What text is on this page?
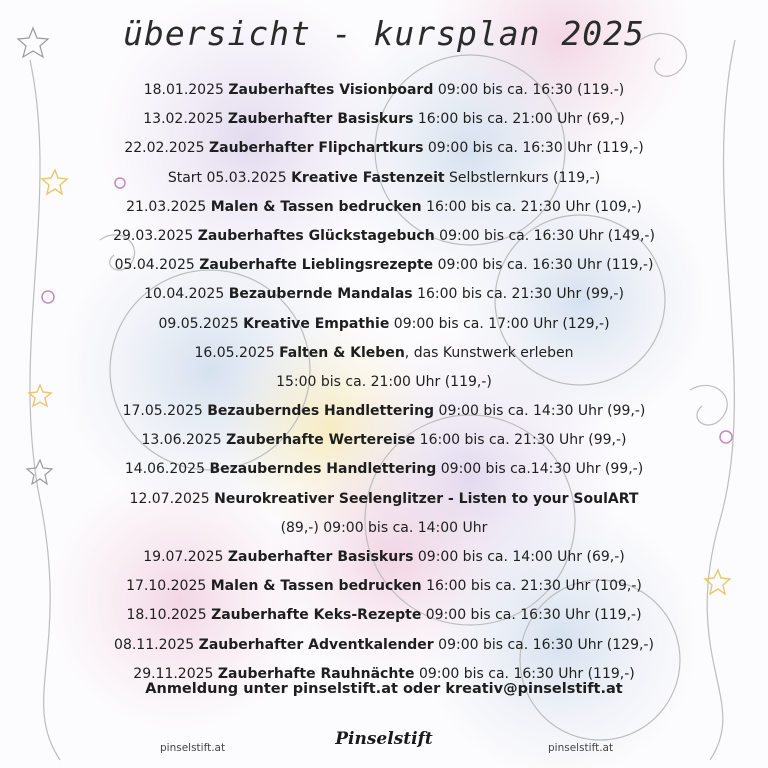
übersicht - kursplan 2025
18.01.2025 Zauberhaftes Visionboard 09:00 bis ca. 16:30 (119.-)
13.02.2025 Zauberhafter Basiskurs 16:00 bis ca. 21:00 Uhr (69,-)
22.02.2025 Zauberhafter Flipchartkurs 09:00 bis ca. 16:30 Uhr (119,-)
Start 05.03.2025 Kreative Fastenzeit Selbstlernkurs (119,-)
21.03.2025 Malen & Tassen bedrucken 16:00 bis ca. 21:30 Uhr (109,-)
29.03.2025 Zauberhaftes Glückstagebuch 09:00 bis ca. 16:30 Uhr (149,-)
05.04.2025 Zauberhafte Lieblingsrezepte 09:00 bis ca. 16:30 Uhr (119,-)
10.04.2025 Bezaubernde Mandalas 16:00 bis ca. 21:30 Uhr (99,-)
09.05.2025 Kreative Empathie 09:00 bis ca. 17:00 Uhr (129,-)
16.05.2025 Falten & Kleben, das Kunstwerk erleben
15:00 bis ca. 21:00 Uhr (119,-)
17.05.2025 Bezauberndes Handlettering 09:00 bis ca. 14:30 Uhr (99,-)
13.06.2025 Zauberhafte Wertereise 16:00 bis ca. 21:30 Uhr (99,-)
14.06.2025 Bezauberndes Handlettering 09:00 bis ca.14:30 Uhr (99,-)
12.07.2025 Neurokreativer Seelenglitzer - Listen to your SoulART
(89,-) 09:00 bis ca. 14:00 Uhr
19.07.2025 Zauberhafter Basiskurs 09:00 bis ca. 14:00 Uhr (69,-)
17.10.2025 Malen & Tassen bedrucken 16:00 bis ca. 21:30 Uhr (109,-)
18.10.2025 Zauberhafte Keks-Rezepte 09:00 bis ca. 16:30 Uhr (119,-)
08.11.2025 Zauberhafter Adventkalender 09:00 bis ca. 16:30 Uhr (129,-)
29.11.2025 Zauberhafte Rauhnächte 09:00 bis ca. 16:30 Uhr (119,-)
Anmeldung unter pinselstift.at oder kreativ@pinselstift.at
pinselstift.at	Pinselstift	pinselstift.at
